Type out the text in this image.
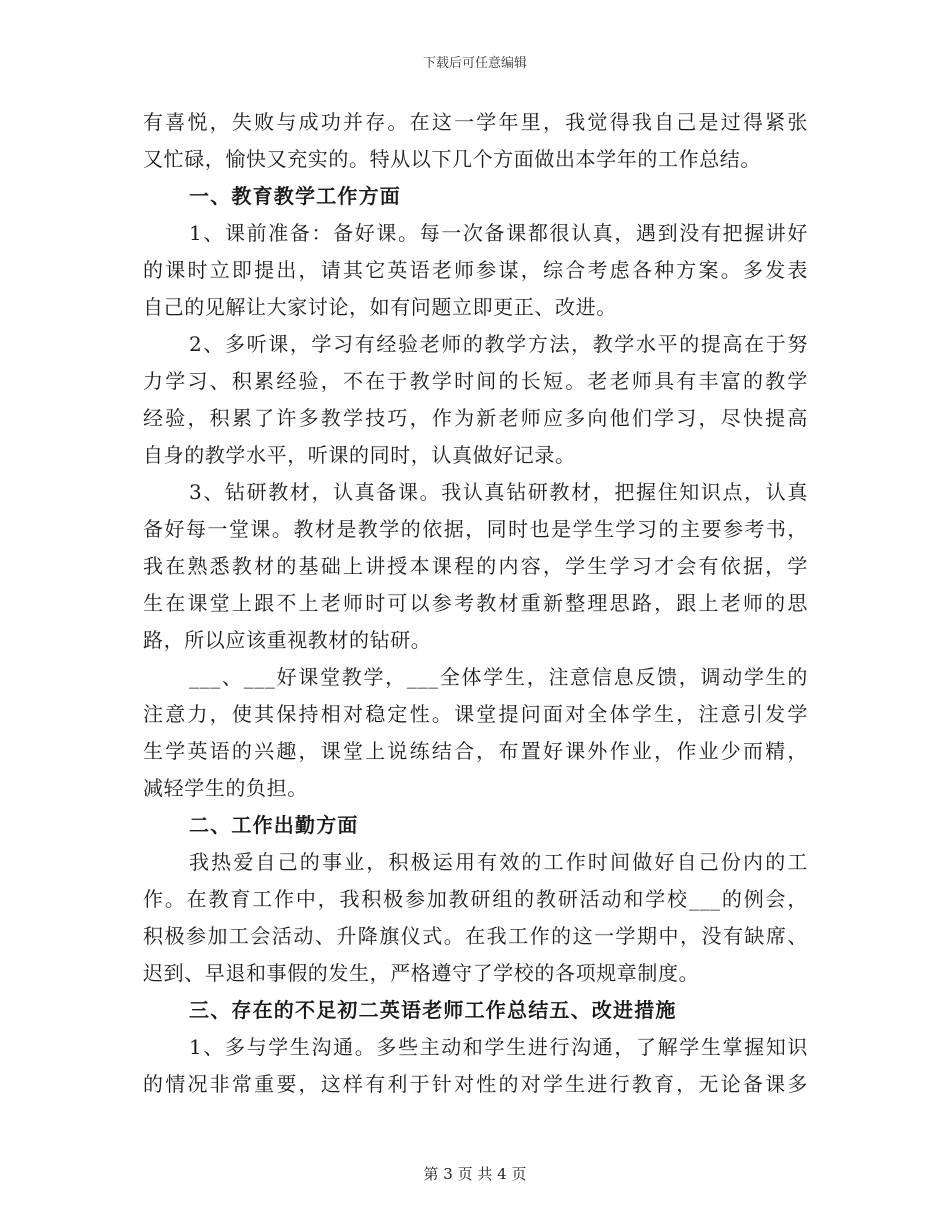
下载后可任意编辑
有喜悦，失败与成功并存。在这一学年里，我觉得我自己是过得紧张
又忙碌，愉快又充实的。特从以下几个方面做出本学年的工作总结。
一、教育教学工作方面
1、课前准备：备好课。每一次备课都很认真，遇到没有把握讲好
的课时立即提出，请其它英语老师参谋，综合考虑各种方案。多发表
自己的见解让大家讨论，如有问题立即更正、改进。
2、多听课，学习有经验老师的教学方法，教学水平的提高在于努
力学习、积累经验，不在于教学时间的长短。老老师具有丰富的教学
经验，积累了许多教学技巧，作为新老师应多向他们学习，尽快提高
自身的教学水平，听课的同时，认真做好记录。
3、钻研教材，认真备课。我认真钻研教材，把握住知识点，认真
备好每一堂课。教材是教学的依据，同时也是学生学习的主要参考书，
我在熟悉教材的基础上讲授本课程的内容，学生学习才会有依据，学
生在课堂上跟不上老师时可以参考教材重新整理思路，跟上老师的思
路，所以应该重视教材的钻研。
___、___好课堂教学，___全体学生，注意信息反馈，调动学生的
注意力，使其保持相对稳定性。课堂提问面对全体学生，注意引发学
生学英语的兴趣，课堂上说练结合，布置好课外作业，作业少而精，
减轻学生的负担。
二、工作出勤方面
我热爱自己的事业，积极运用有效的工作时间做好自己份内的工
作。在教育工作中，我积极参加教研组的教研活动和学校___的例会，
积极参加工会活动、升降旗仪式。在我工作的这一学期中，没有缺席、
迟到、早退和事假的发生，严格遵守了学校的各项规章制度。
三、存在的不足初二英语老师工作总结五、改进措施
1、多与学生沟通。多些主动和学生进行沟通，了解学生掌握知识
的情况非常重要，这样有利于针对性的对学生进行教育，无论备课多
第 3 页 共 4 页
